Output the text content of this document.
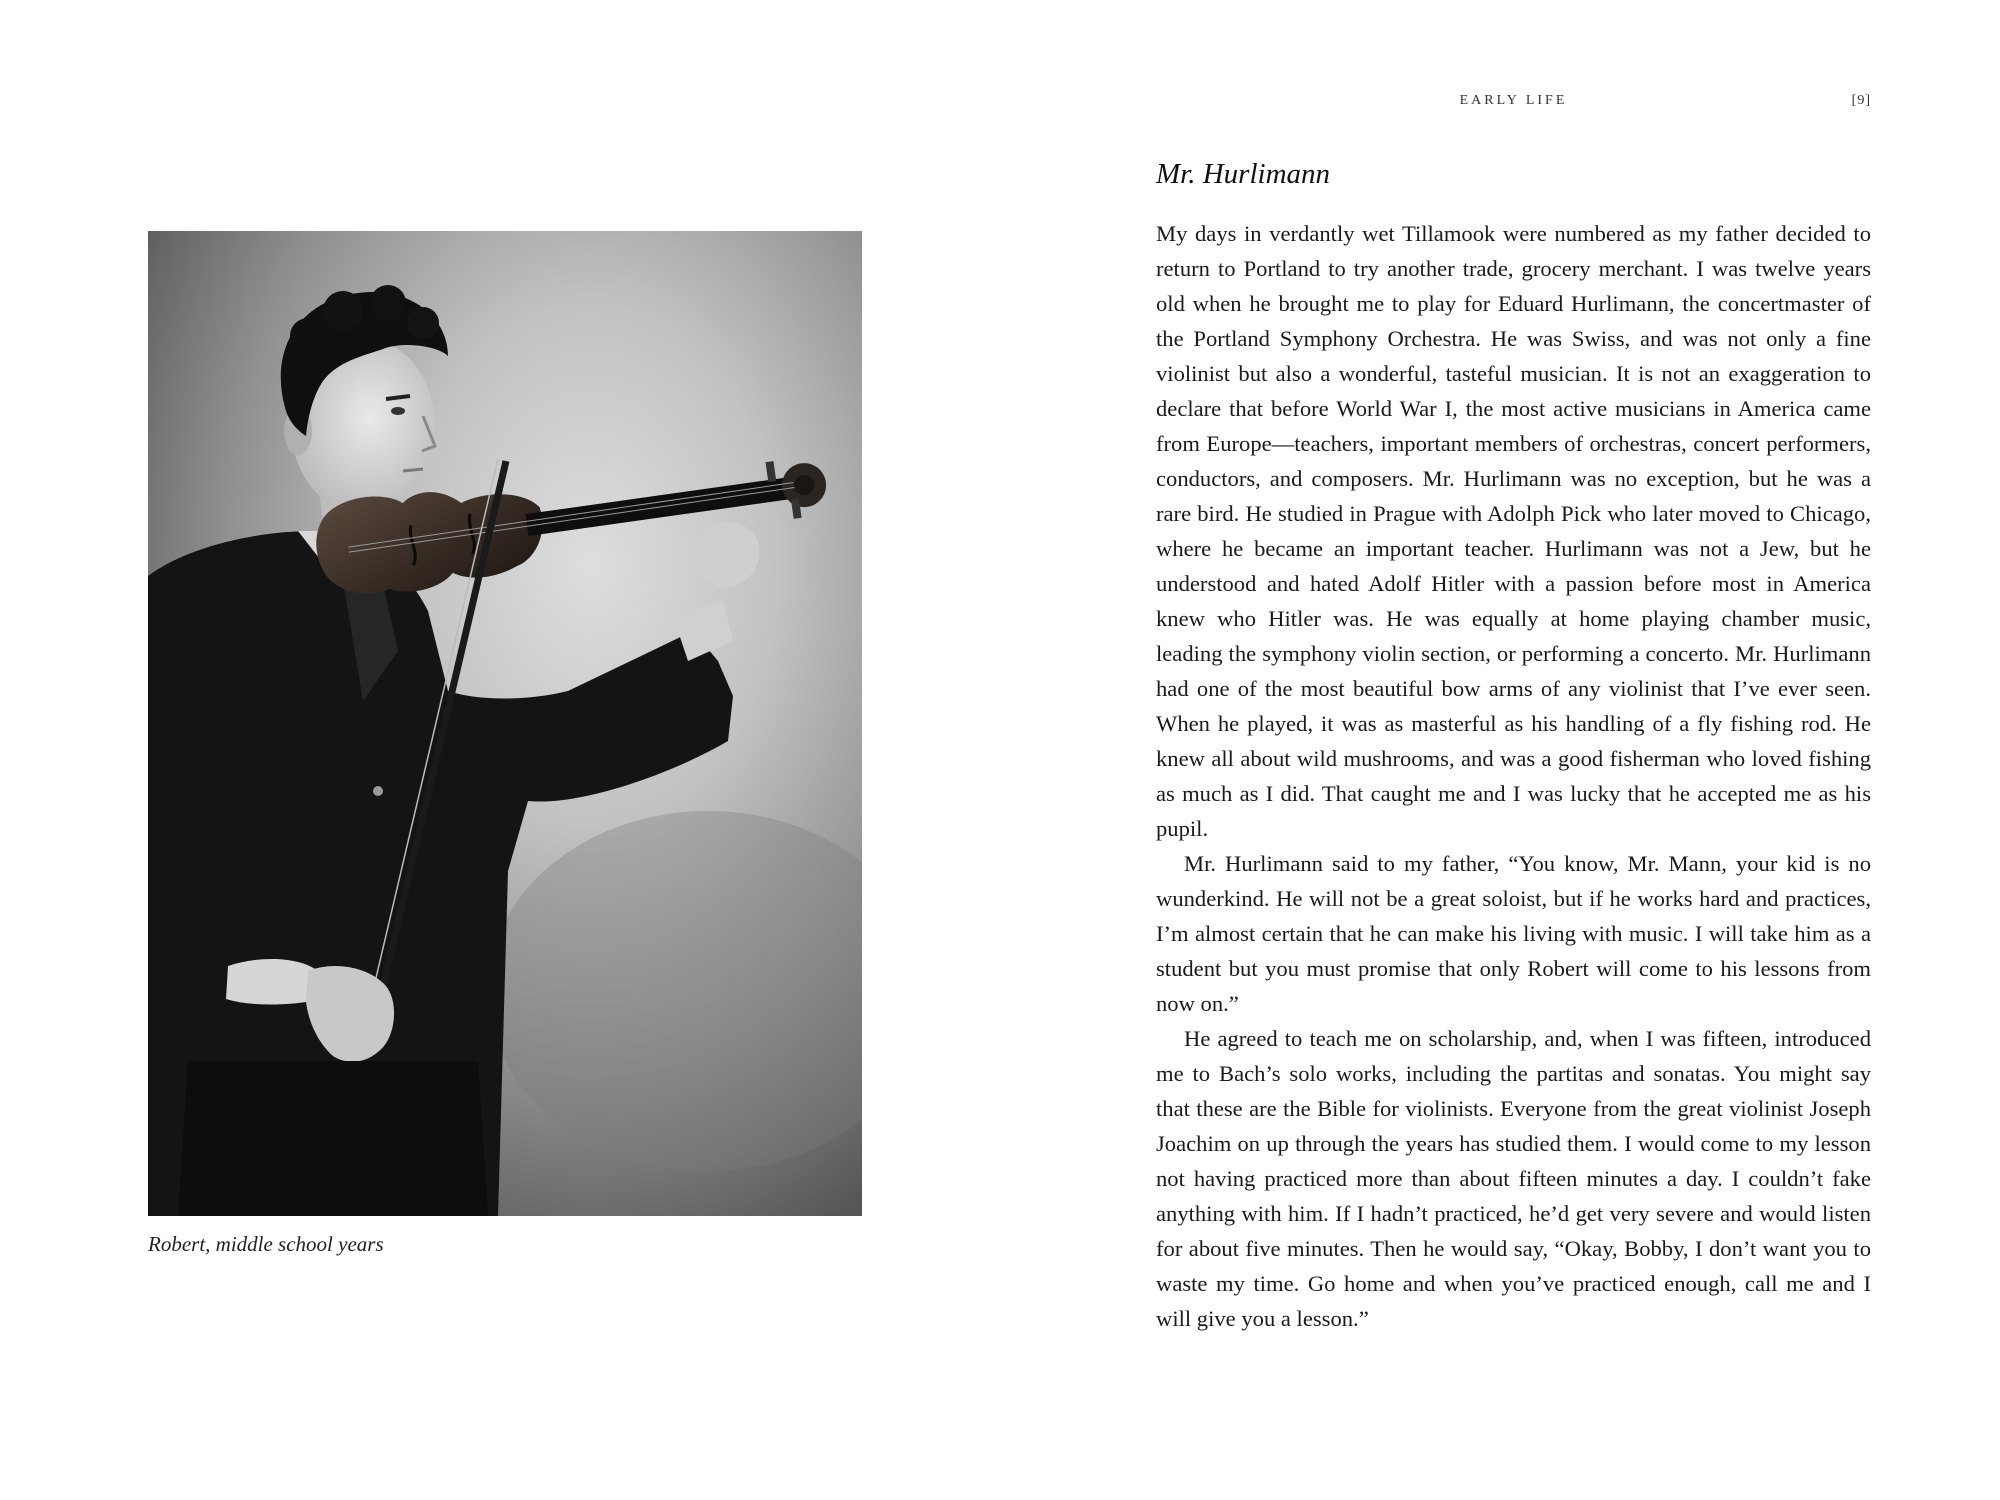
Robert, middle school years

EARLY LIFE	[9]
Mr. Hurlimann

My days in verdantly wet Tillamook were numbered as my father decided to return to Portland to try another trade, grocery merchant. I was twelve years old when he brought me to play for Eduard Hurlimann, the concertmaster of the Portland Symphony Orchestra. He was Swiss, and was not only a fine violinist but also a wonderful, tasteful musician. It is not an exaggeration to declare that before World War I, the most active musicians in America came from Europe—teachers, important members of orchestras, concert performers, conductors, and composers. Mr. Hurlimann was no exception, but he was a rare bird. He studied in Prague with Adolph Pick who later moved to Chicago, where he became an important teacher. Hurlimann was not a Jew, but he understood and hated Adolf Hitler with a passion before most in America knew who Hitler was. He was equally at home playing chamber music, leading the symphony violin section, or performing a concerto. Mr. Hurlimann had one of the most beautiful bow arms of any violinist that I’ve ever seen. When he played, it was as masterful as his handling of a fly fishing rod. He knew all about wild mushrooms, and was a good fisherman who loved fishing as much as I did. That caught me and I was lucky that he accepted me as his pupil.

Mr. Hurlimann said to my father, “You know, Mr. Mann, your kid is no wunderkind. He will not be a great soloist, but if he works hard and practices, I’m almost certain that he can make his living with music. I will take him as a student but you must promise that only Robert will come to his lessons from now on.”

He agreed to teach me on scholarship, and, when I was fifteen, introduced me to Bach’s solo works, including the partitas and sonatas. You might say that these are the Bible for violinists. Everyone from the great violinist Joseph Joachim on up through the years has studied them. I would come to my lesson not having practiced more than about fifteen minutes a day. I couldn’t fake anything with him. If I hadn’t practiced, he’d get very severe and would listen for about five minutes. Then he would say, “Okay, Bobby, I don’t want you to waste my time. Go home and when you’ve practiced enough, call me and I will give you a lesson.”
